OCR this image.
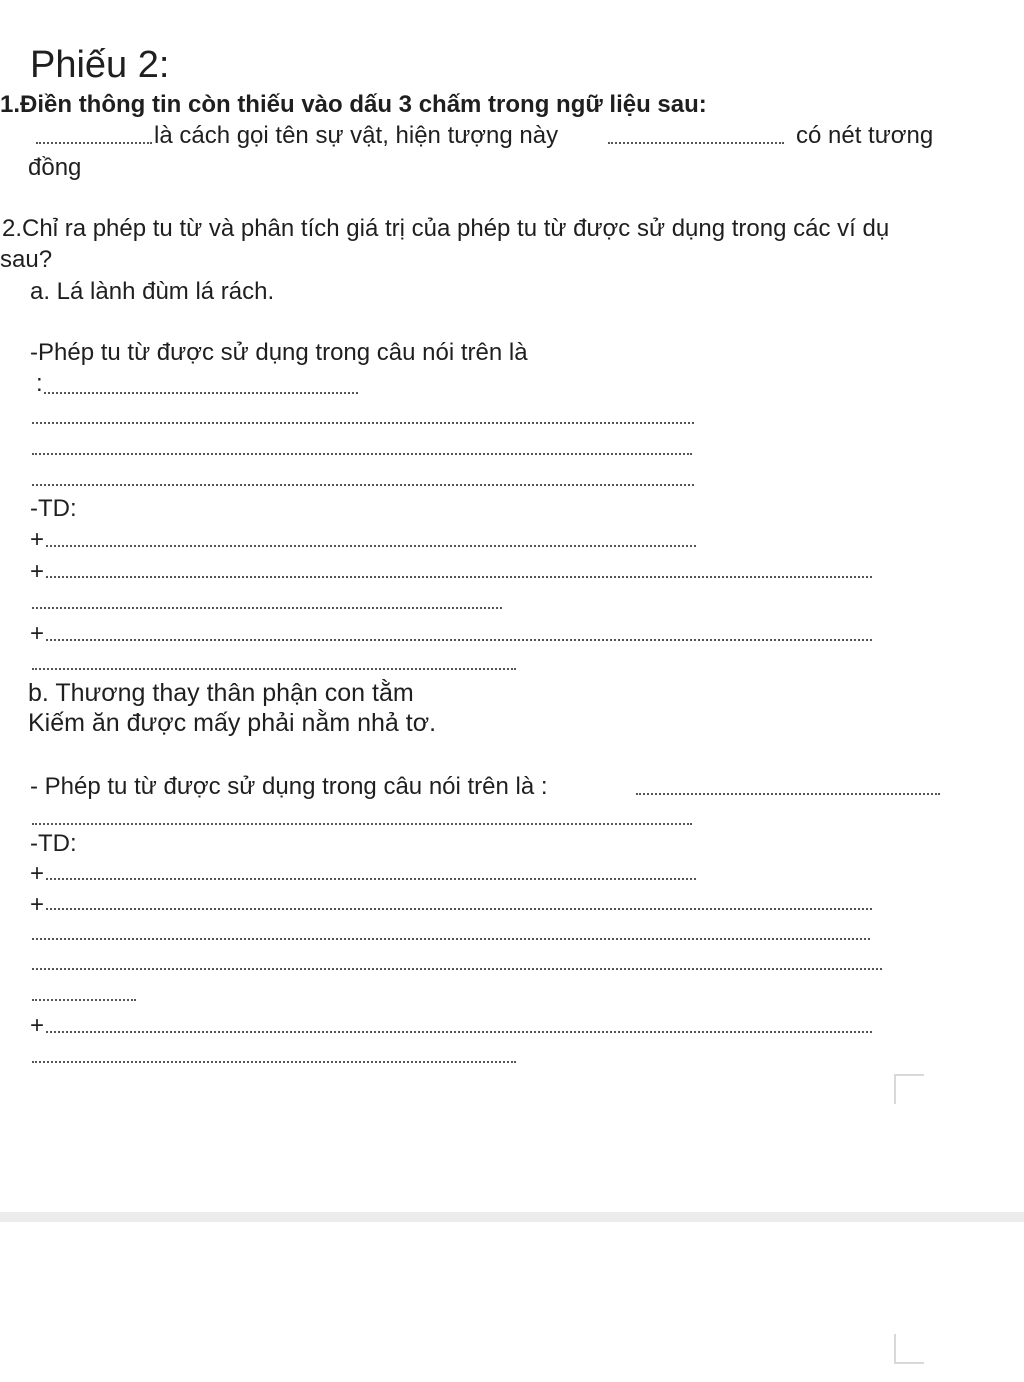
Phiếu 2:
1.Điền thông tin còn thiếu vào dấu 3 chấm trong ngữ liệu sau:
là cách gọi tên sự vật, hiện tượng này	có nét tương
đồng
2.Chỉ ra phép tu từ và phân tích giá trị của phép tu từ được sử dụng trong các ví dụ
sau?
a. Lá lành đùm lá rách.
-Phép tu từ được sử dụng trong câu nói trên là
:
-TD:
+
+
+
b. Thương thay thân phận con tằm
Kiếm ăn được mấy phải nằm nhả tơ.
- Phép tu từ được sử dụng trong câu nói trên là :
-TD:
+
+
+
